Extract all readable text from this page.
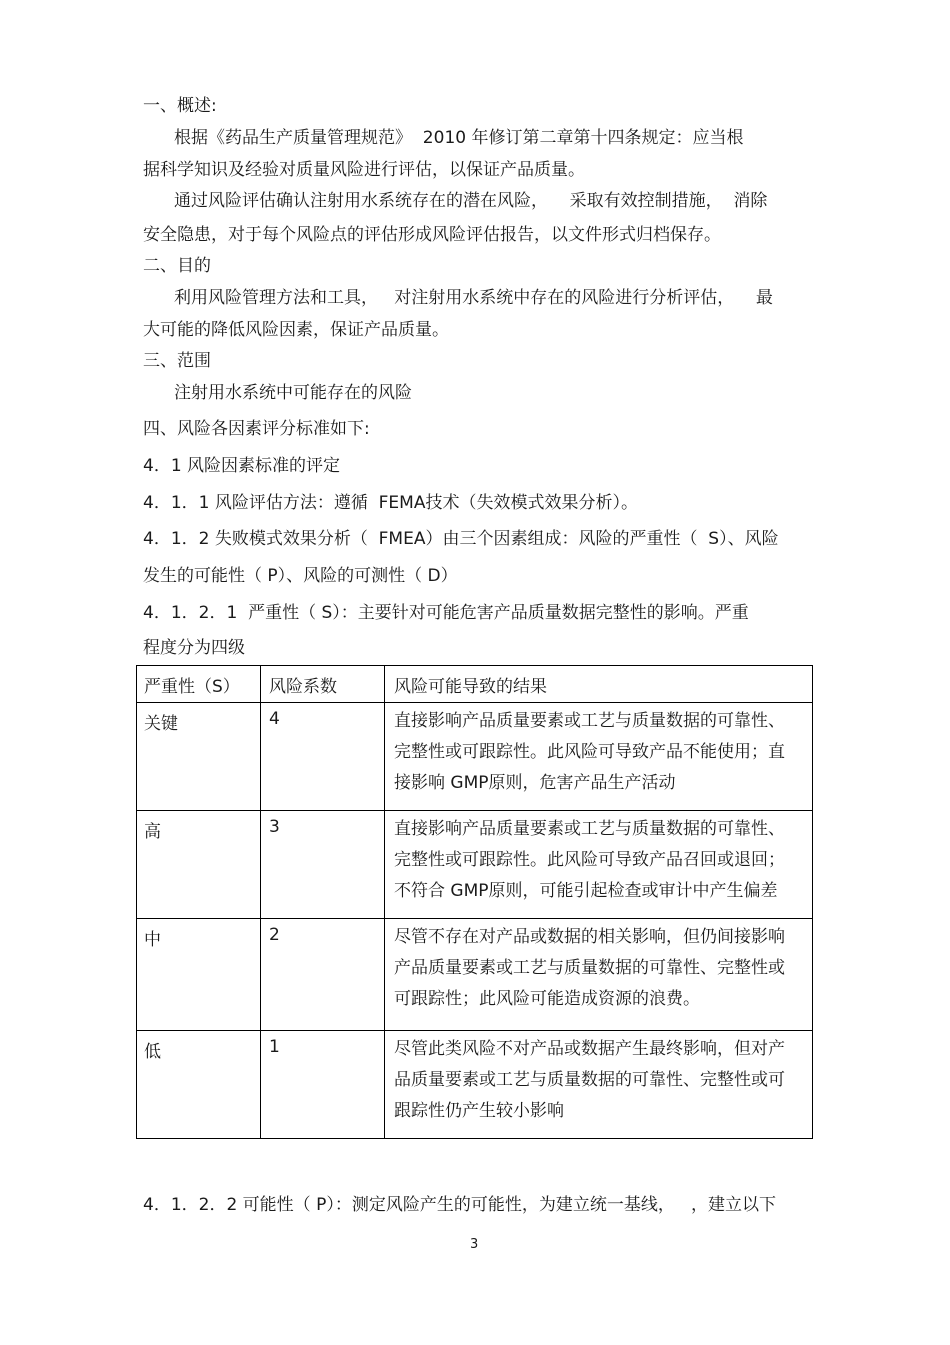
一、概述:
根据《药品生产质量管理规范》  2010 年修订第二章第十四条规定：应当根
据科学知识及经验对质量风险进行评估，以保证产品质量。
通过风险评估确认注射用水系统存在的潜在风险，    采取有效控制措施，  消除
安全隐患，对于每个风险点的评估形成风险评估报告，以文件形式归档保存。
二、目的
利用风险管理方法和工具，   对注射用水系统中存在的风险进行分析评估，    最
大可能的降低风险因素，保证产品质量。
三、范围
注射用水系统中可能存在的风险
四、风险各因素评分标准如下:
4．1 风险因素标准的评定
4．1．1 风险评估方法：遵循  FEMA技术（失效模式效果分析）。
4．1．2 失败模式效果分析（  FMEA）由三个因素组成：风险的严重性（  S）、风险
发生的可能性（ P）、风险的可测性（ D）
4．1．2．1  严重性（ S）：主要针对可能危害产品质量数据完整性的影响。严重
程度分为四级
严重性（S）	风险系数	风险可能导致的结果
关键	4	直接影响产品质量要素或工艺与质量数据的可靠性、
完整性或可跟踪性。此风险可导致产品不能使用；直
接影响 GMP原则，危害产品生产活动

高	3	直接影响产品质量要素或工艺与质量数据的可靠性、
完整性或可跟踪性。此风险可导致产品召回或退回；
不符合 GMP原则，可能引起检查或审计中产生偏差

中	2	尽管不存在对产品或数据的相关影响，但仍间接影响
产品质量要素或工艺与质量数据的可靠性、完整性或
可跟踪性；此风险可能造成资源的浪费。

低	1	尽管此类风险不对产品或数据产生最终影响，但对产
品质量要素或工艺与质量数据的可靠性、完整性或可
跟踪性仍产生较小影响
4．1．2．2 可能性（ P）：测定风险产生的可能性，为建立统一基线，   ，建立以下
3
